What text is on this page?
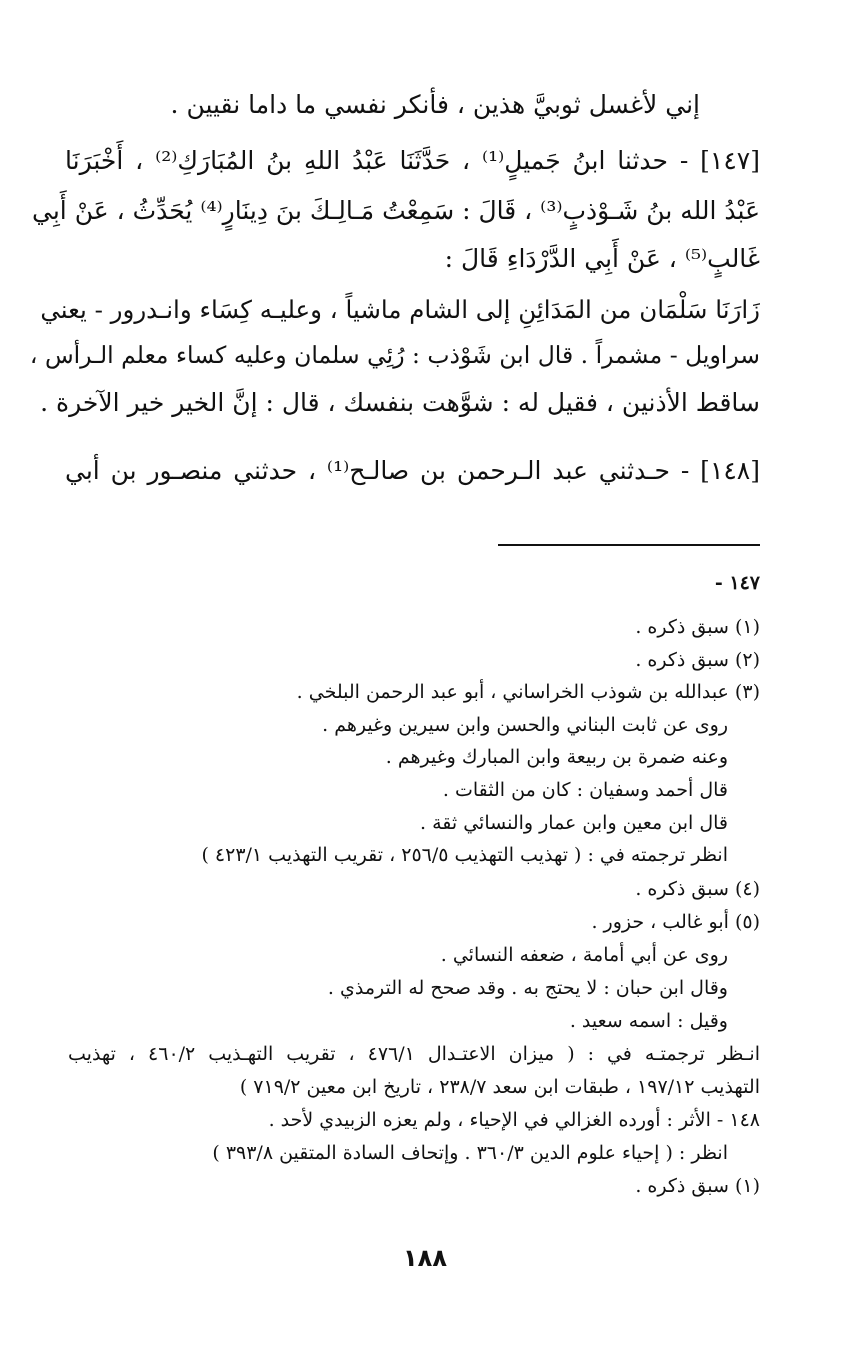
إني لأغسل ثوبيَّ هذين ، فأنكر نفسي ما داما نقيين .

[١٤٧] - حدثنا ابنُ جَميلٍ⁽¹⁾ ، حَدَّثَنَا عَبْدُ اللهِ بنُ المُبَارَكِ⁽²⁾ ، أَخْبَرَنَا

عَبْدُ الله بنُ شَـوْذبٍ⁽³⁾ ، قَالَ : سَمِعْتُ مَـالِـكَ بنَ دِينَارٍ⁽⁴⁾ يُحَدِّثُ ، عَنْ أَبِي

غَالبٍ⁽⁵⁾ ، عَنْ أَبِي الدَّرْدَاءِ قَالَ :

زَارَنَا سَلْمَان من المَدَائِنِ إلى الشام ماشياً ، وعليـه كِسَاء وانـدرور - يعني

سراويل - مشمراً . قال ابن شَوْذب : رُئِي سلمان وعليه كساء معلم الـرأس ،

ساقط الأذنين ، فقيل له : شوَّهت بنفسك ، قال : إنَّ الخير خير الآخرة .

[١٤٨] - حـدثني عبد الـرحمن بن صالـح⁽¹⁾ ، حدثني منصـور بن أبي

١٤٧ -

(١) سبق ذكره .

(٢) سبق ذكره .

(٣) عبدالله بن شوذب الخراساني ، أبو عبد الرحمن البلخي .

روى عن ثابت البناني والحسن وابن سيرين وغيرهم .

وعنه ضمرة بن ربيعة وابن المبارك وغيرهم .

قال أحمد وسفيان : كان من الثقات .

قال ابن معين وابن عمار والنسائي ثقة .

انظر ترجمته في : ( تهذيب التهذيب ٢٥٦/٥ ، تقريب التهذيب ٤٢٣/١ )

(٤) سبق ذكره .

(٥) أبو غالب ، حزور .

روى عن أبي أمامة ، ضعفه النسائي .

وقال ابن حبان : لا يحتج به . وقد صحح له الترمذي .

وقيل : اسمه سعيد .

انـظر ترجمتـه في : ( ميزان الاعتـدال ٤٧٦/١ ، تقريب التهـذيب ٤٦٠/٢ ، تهذيب

التهذيب ١٩٧/١٢ ، طبقات ابن سعد ٢٣٨/٧ ، تاريخ ابن معين ٧١٩/٢ )

١٤٨ - الأثر : أورده الغزالي في الإحياء ، ولم يعزه الزبيدي لأحد .

انظر : ( إحياء علوم الدين ٣٦٠/٣ . وإتحاف السادة المتقين ٣٩٣/٨ )

(١) سبق ذكره .

١٨٨
